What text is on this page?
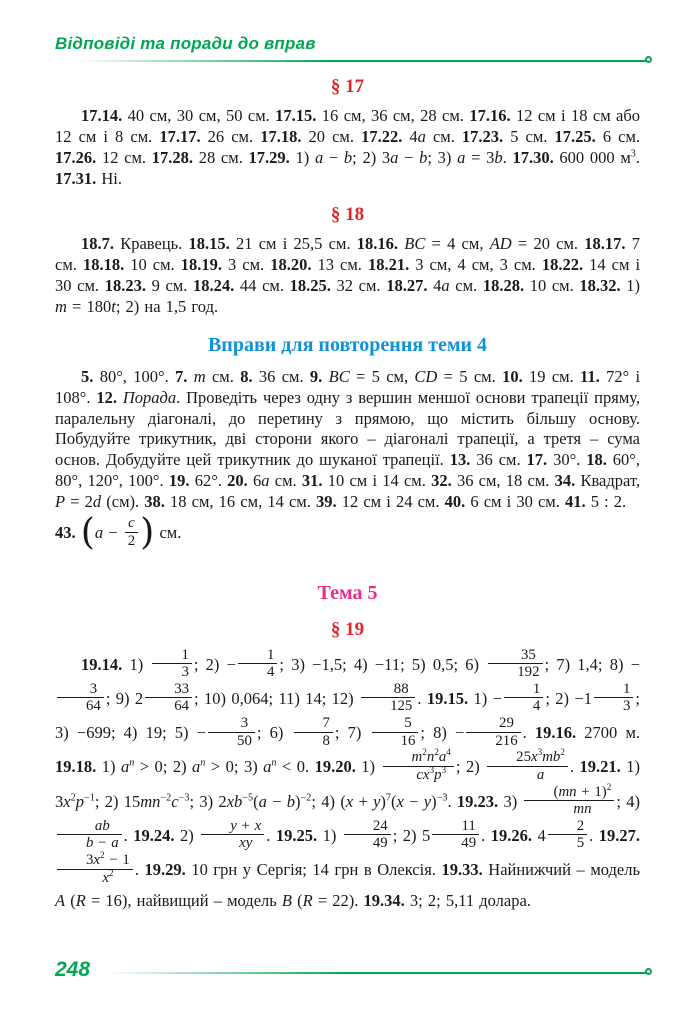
Відповіді та поради до вправ
§ 17

17.14. 40 см, 30 см, 50 см. 17.15. 16 см, 36 см, 28 см. 17.16. 12 см і 18 см або 12 см і 8 см. 17.17. 26 см. 17.18. 20 см. 17.22. 4a см. 17.23. 5 см. 17.25. 6 см. 17.26. 12 см. 17.28. 28 см. 17.29. 1) a − b; 2) 3a − b; 3) a = 3b. 17.30. 600 000 $м^3$. 17.31. Ні.

§ 18

18.7. Кравець. 18.15. 21 см і 25,5 см. 18.16. BC = 4 см, AD = 20 см. 18.17. 7 см. 18.18. 10 см. 18.19. 3 см. 18.20. 13 см. 18.21. 3 см, 4 см, 3 см. 18.22. 14 см і 30 см. 18.23. 9 см. 18.24. 44 см. 18.25. 32 см. 18.27. 4a см. 18.28. 10 см. 18.32. 1) m = 180t; 2) на 1,5 год.

Вправи для повторення теми 4

5. 80°, 100°. 7. m см. 8. 36 см. 9. BC = 5 см, CD = 5 см. 10. 19 см. 11. 72° і 108°. 12. Порада. Проведіть через одну з вершин меншої основи трапеції пряму, паралельну діагоналі, до перетину з прямою, що містить більшу основу. Побудуйте трикутник, дві сторони якого – діагоналі трапеції, а третя – сума основ. Добудуйте цей трикутник до шуканої трапеції. 13. 36 см. 17. 30°. 18. 60°, 80°, 120°, 100°. 19. 62°. 20. 6a см. 31. 10 см і 14 см. 32. 36 см, 18 см. 34. Квадрат, P = 2d (см). 38. 18 см, 16 см, 14 см. 39. 12 см і 24 см. 40. 6 см і 30 см. 41. 5 : 2.

43. ($a - \frac{c}{2}$ ) см.

Тема 5
§ 19

19.14. $1) \frac{1}{3}$ ; $2) - \frac{1}{4}$ ; 3) −1,5; 4) −11; 5) 0,5; $6) \frac{35}{192}$ ; 7) 1,4; 8) −
$\frac{3}{64}$ ; 9) $2 \frac{33}{64}$ ; 10) 0,064; 11) 14; $12) \frac{88}{125}$ . 19.15. $1) - \frac{1}{4}$ ; $2) -1 \frac{1}{3}$ ; 3) −699; 4) 19; $5) - \frac{3}{50}$ ; $6) \frac{7}{8}$ ; $7) \frac{5}{16}$ ; $8) - \frac{29}{216}$ . 19.16. 2700 м. 19.18. 1) $a^n > 0$; 2) $a^n > 0$; 3) $a^n < 0$. 19.20. $1) \frac{m^2n^2a^4}{cx^3p^3}$ ; $2) \frac{25x^3mb^2}{a}$ . 19.21. 1) $3x^2p^{-1}$; 2) $15mn^{-2}c^{-3}$; 3) $2xb^{-5}(a - b)^{-2}$; 4) $(x + y)^7(x - y)^{-3}$. 19.23. $3) \frac{(mn + 1)^2}{mn}$ ; 4)
$\frac{ab}{b - a}$ . 19.24. $2) \frac{y + x}{xy}$ . 19.25. $1) \frac{24}{49}$ ; 2) $5 \frac{11}{49}$ . 19.26. $4 \frac{2}{5}$ . 19.27.
$\frac{3x^2 - 1}{x^2}$ . 19.29. 10 грн у Сергія; 14 грн в Олексія. 19.33. Найнижчий – модель A (R = 16), найвищий – модель B (R = 22). 19.34. 3; 2; 5,11 долара.

248
